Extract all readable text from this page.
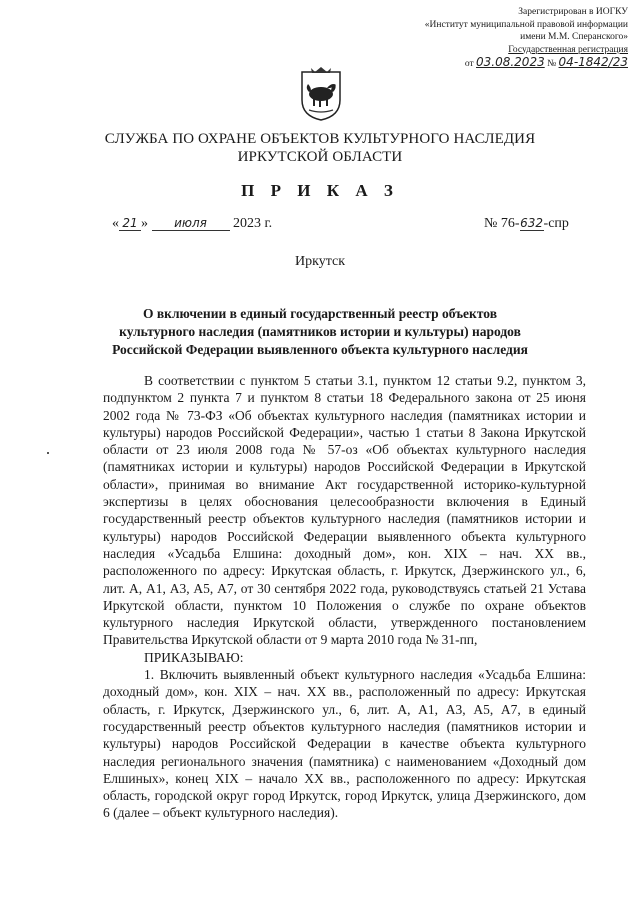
Зарегистрирован в ИОГКУ
«Институт муниципальной правовой информации
имени М.М. Сперанского»
Государственная регистрация
от 03.08.2023 № 04-1842/23
СЛУЖБА ПО ОХРАНЕ ОБЪЕКТОВ КУЛЬТУРНОГО НАСЛЕДИЯ
ИРКУТСКОЙ ОБЛАСТИ
П Р И К А З
« 21 » июля 2023 г.	№ 76-632-спр
Иркутск
О включении в единый государственный реестр объектов культурного наследия (памятников истории и культуры) народов Российской Федерации выявленного объекта культурного наследия

В соответствии с пунктом 5 статьи 3.1, пунктом 12 статьи 9.2, пунктом 3, подпунктом 2 пункта 7 и пунктом 8 статьи 18 Федерального закона от 25 июня 2002 года № 73-ФЗ «Об объектах культурного наследия (памятниках истории и культуры) народов Российской Федерации», частью 1 статьи 8 Закона Иркутской области от 23 июля 2008 года № 57-оз «Об объектах культурного наследия (памятниках истории и культуры) народов Российской Федерации в Иркутской области», принимая во внимание Акт государственной историко-культурной экспертизы в целях обоснования целесообразности включения в Единый государственный реестр объектов культурного наследия (памятников истории и культуры) народов Российской Федерации выявленного объекта культурного наследия «Усадьба Елшина: доходный дом», кон. XIX – нач. XX вв., расположенного по адресу: Иркутская область, г. Иркутск, Дзержинского ул., 6, лит. А, А1, А3, А5, А7, от 30 сентября 2022 года, руководствуясь статьей 21 Устава Иркутской области, пунктом 10 Положения о службе по охране объектов культурного наследия Иркутской области, утвержденного постановлением Правительства Иркутской области от 9 марта 2010 года № 31-пп,

ПРИКАЗЫВАЮ:

1. Включить выявленный объект культурного наследия «Усадьба Елшина: доходный дом», кон. XIX – нач. XX вв., расположенный по адресу: Иркутская область, г. Иркутск, Дзержинского ул., 6, лит. А, А1, А3, А5, А7, в единый государственный реестр объектов культурного наследия (памятников истории и культуры) народов Российской Федерации в качестве объекта культурного наследия регионального значения (памятника) с наименованием «Доходный дом Елшиных», конец XIX – начало XX вв., расположенного по адресу: Иркутская область, городской округ город Иркутск, город Иркутск, улица Дзержинского, дом 6 (далее – объект культурного наследия).
